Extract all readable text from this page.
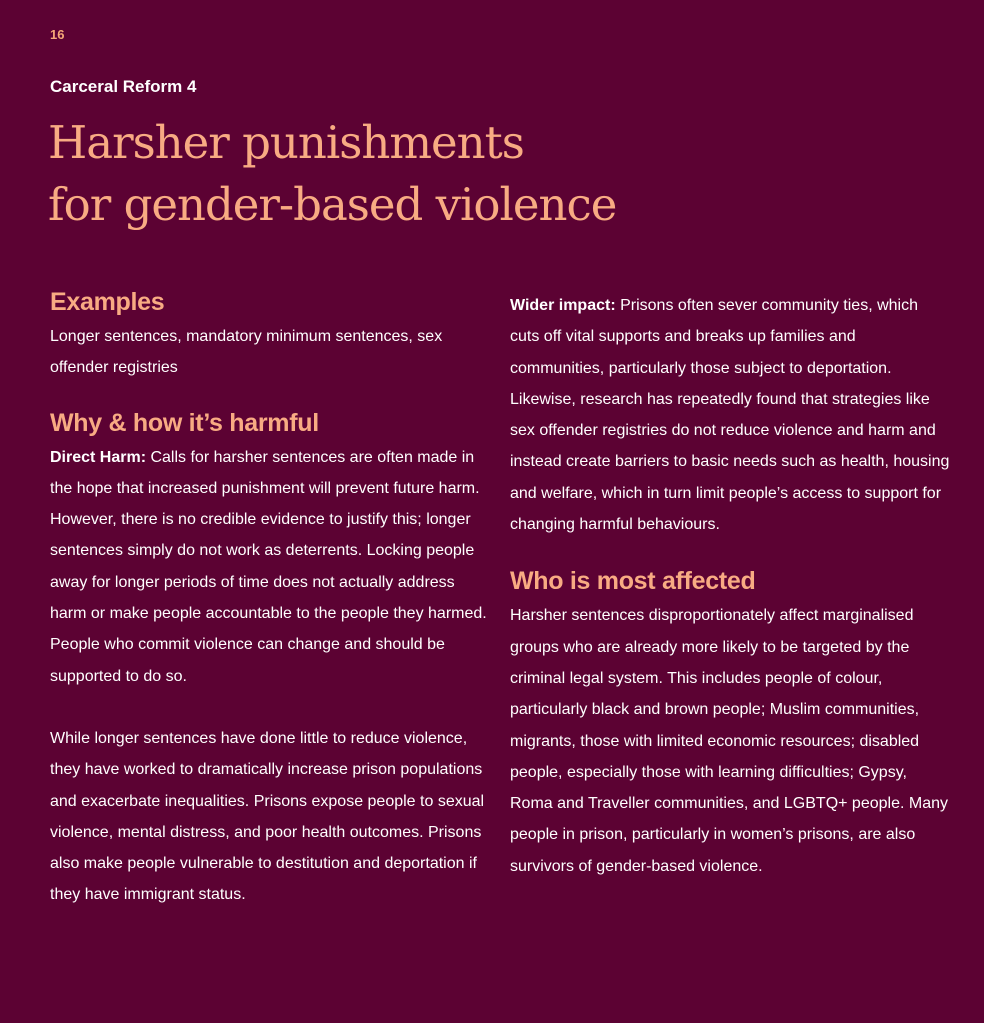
16
Carceral Reform 4
Harsher punishments
for gender-based violence
Examples

Longer sentences, mandatory minimum sentences, sex offender registries

Why & how it’s harmful

Direct Harm: Calls for harsher sentences are often made in the hope that increased punishment will prevent future harm. However, there is no credible evidence to justify this; longer sentences simply do not work as deterrents. Locking people away for longer periods of time does not actually address harm or make people accountable to the people they harmed. People who commit violence can change and should be supported to do so.

While longer sentences have done little to reduce violence, they have worked to dramatically increase prison populations and exacerbate inequalities. Prisons expose people to sexual violence, mental distress, and poor health outcomes. Prisons also make people vulnerable to destitution and deportation if they have immigrant status.

Wider impact: Prisons often sever community ties, which cuts off vital supports and breaks up families and communities, particularly those subject to deportation. Likewise, research has repeatedly found that strategies like sex offender registries do not reduce violence and harm and instead create barriers to basic needs such as health, housing and welfare, which in turn limit people’s access to support for changing harmful behaviours.

Who is most affected

Harsher sentences disproportionately affect marginalised groups who are already more likely to be targeted by the criminal legal system. This includes people of colour, particularly black and brown people; Muslim communities, migrants, those with limited economic resources; disabled people, especially those with learning difficulties; Gypsy, Roma and Traveller communities, and LGBTQ+ people. Many people in prison, particularly in women’s prisons, are also survivors of gender-based violence.
